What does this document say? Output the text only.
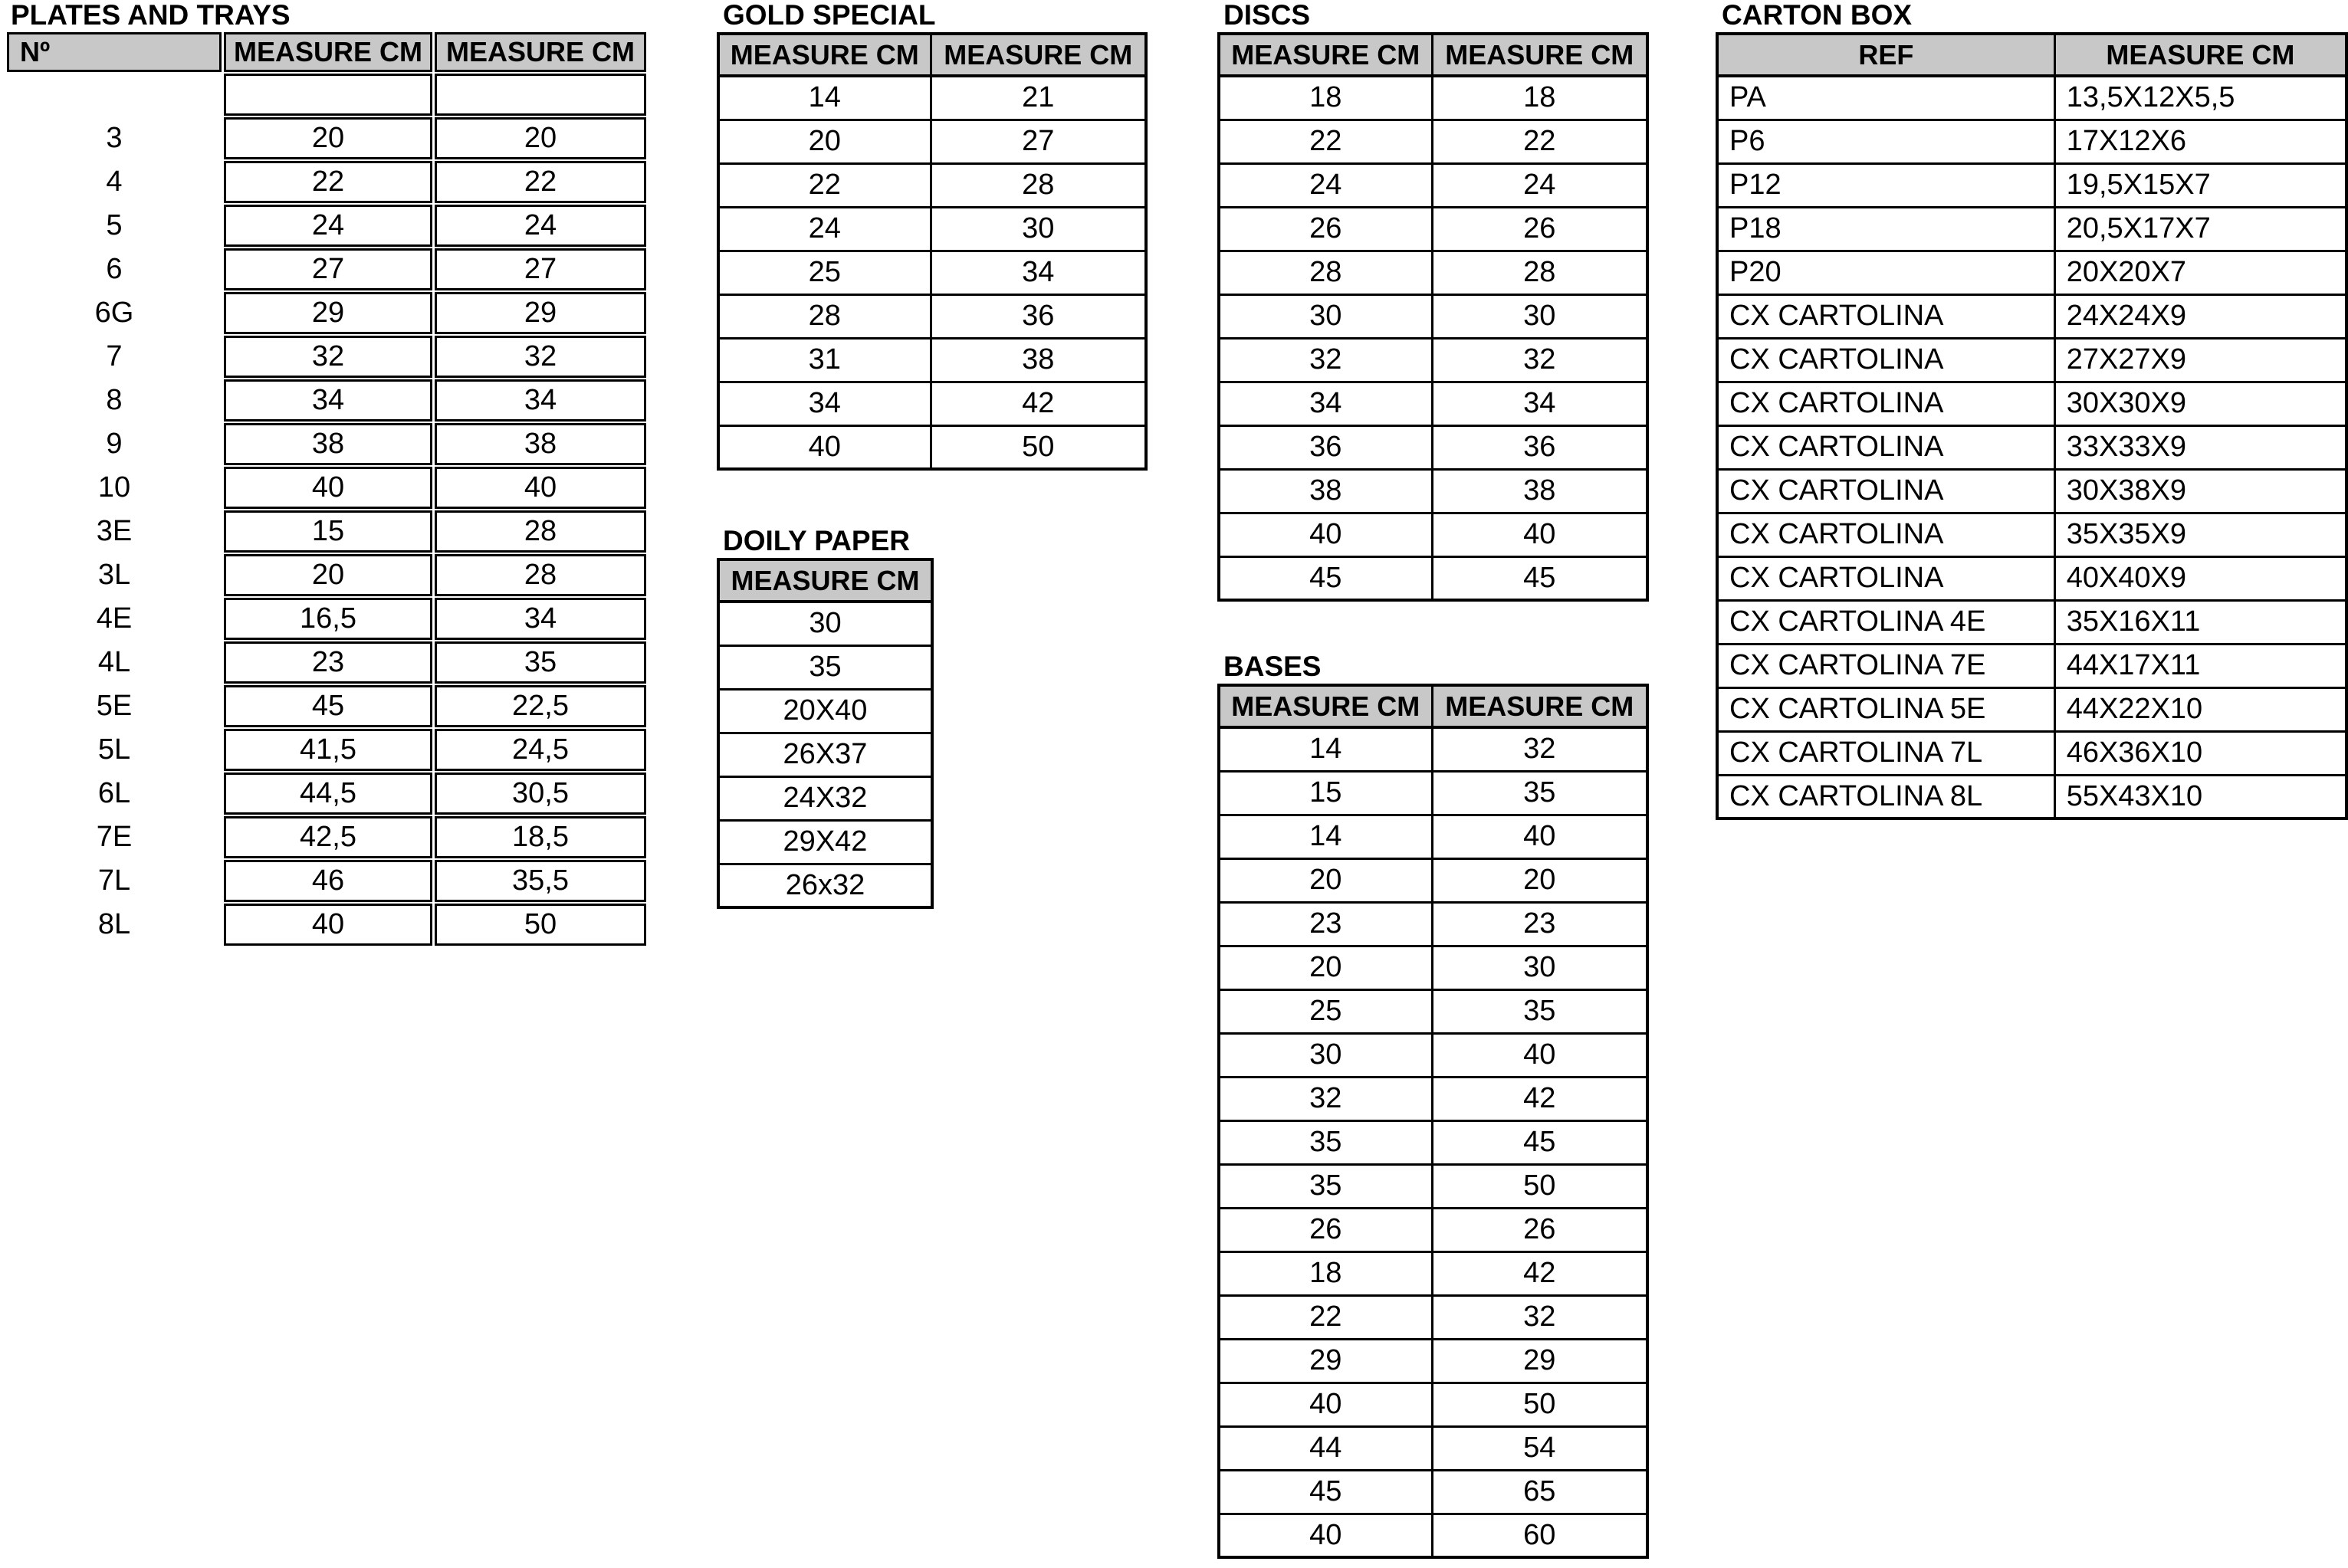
PLATES AND TRAYS
Nº	MEASURE CM	MEASURE CM

3	20	20
4	22	22
5	24	24
6	27	27
6G	29	29
7	32	32
8	34	34
9	38	38
10	40	40
3E	15	28
3L	20	28
4E	16,5	34
4L	23	35
5E	45	22,5
5L	41,5	24,5
6L	44,5	30,5
7E	42,5	18,5
7L	46	35,5
8L	40	50
GOLD SPECIAL
MEASURE CM	MEASURE CM
14	21
20	27
22	28
24	30
25	34
28	36
31	38
34	42
40	50
DOILY PAPER
MEASURE CM
30
35
20X40
26X37
24X32
29X42
26x32
DISCS
MEASURE CM	MEASURE CM
18	18
22	22
24	24
26	26
28	28
30	30
32	32
34	34
36	36
38	38
40	40
45	45
BASES
MEASURE CM	MEASURE CM
14	32
15	35
14	40
20	20
23	23
20	30
25	35
30	40
32	42
35	45
35	50
26	26
18	42
22	32
29	29
40	50
44	54
45	65
40	60
CARTON BOX
REF	MEASURE CM
PA	13,5X12X5,5
P6	17X12X6
P12	19,5X15X7
P18	20,5X17X7
P20	20X20X7
CX CARTOLINA	24X24X9
CX CARTOLINA	27X27X9
CX CARTOLINA	30X30X9
CX CARTOLINA	33X33X9
CX CARTOLINA	30X38X9
CX CARTOLINA	35X35X9
CX CARTOLINA	40X40X9
CX CARTOLINA 4E	35X16X11
CX CARTOLINA 7E	44X17X11
CX CARTOLINA 5E	44X22X10
CX CARTOLINA 7L	46X36X10
CX CARTOLINA 8L	55X43X10
